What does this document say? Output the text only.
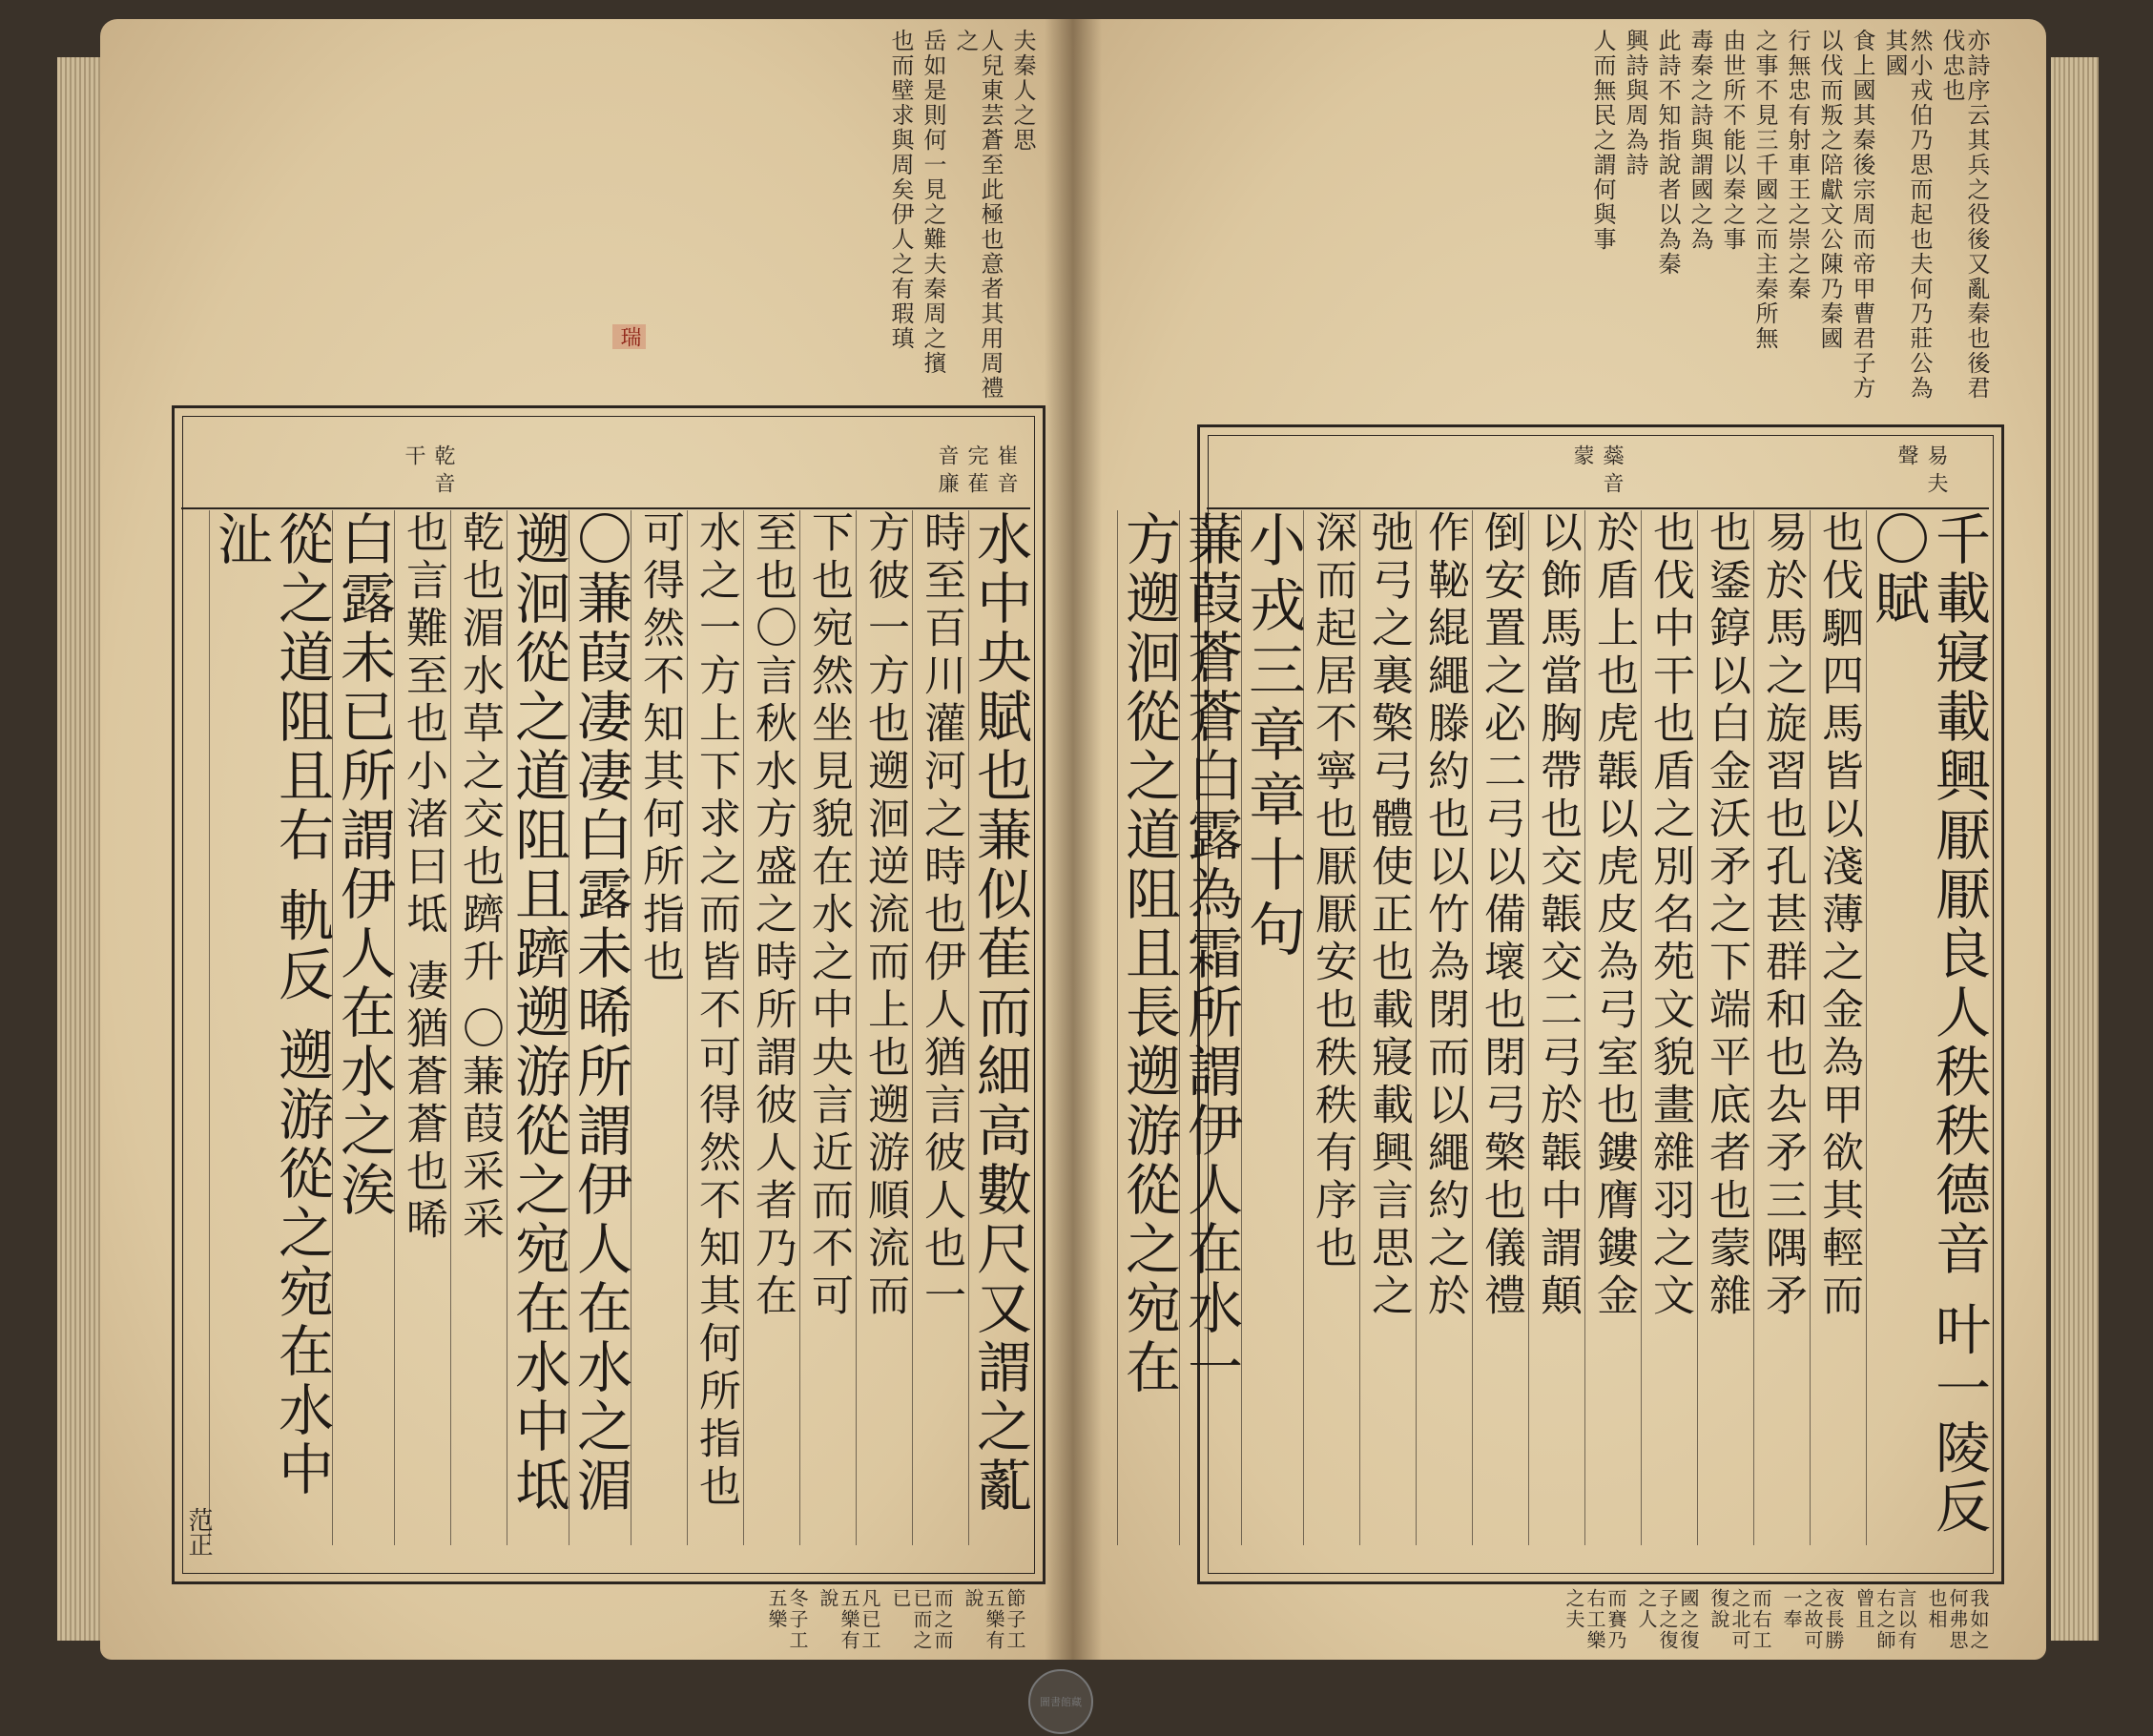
夫秦人之思
人兒東芸蒼至此極也意者其用周禮之
岳如是則何一見之難夫秦周之擯
也而壁求與周矣伊人之有瑕瑱
瑞
崔 音 完 萑 音 廉
乾 音 干
水中央賦也蒹似萑而細高數尺又謂之薍
時至百川灌河之時也伊人猶言彼人也一
方彼一方也遡洄逆流而上也遡游順流而
下也宛然坐見貌在水之中央言近而不可
至也〇言秋水方盛之時所謂彼人者乃在
水之一方上下求之而皆不可得然不知其何所指也
可得然不知其何所指也
〇蒹葭凄凄白露未晞所謂伊人在水之湄
遡洄從之道阻且躋遡游從之宛在水中坻
乾也湄水草之交也躋升 〇蒹葭采采
也言難至也小渚曰坻 凄猶蒼蒼也晞
白露未已所謂伊人在水之涘
從之道阻且右 軌反 遡游從之宛在水中沚
范正
節子工五樂有說
而之而已而之已
凡已工五樂有說
冬子工五樂
亦詩序云其兵之役後又亂秦也後君伐忠也
然小戎伯乃思而起也夫何乃莊公為其國
食上國其秦後宗周而帝甲曹君子方
以伐而叛之陪獻文公陳乃秦國
行無忠有射車王之崇之秦
之事不見三千國之而主秦所無
由世所不能以秦之事
毒秦之詩與謂國之為
此詩不知指說者以為秦
興詩與周為詩
人而無民之謂何與事
易 夫 聲
蘂 音 蒙
千載寢載興厭厭良人秩秩德音 叶一陵反〇賦
也伐駟四馬皆以淺薄之金為甲欲其輕而
易於馬之旋習也孔甚群和也厹矛三隅矛
也鋈錞以白金沃矛之下端平底者也蒙雜
也伐中干也盾之別名苑文貌畫雜羽之文
於盾上也虎韔以虎皮為弓室也鏤膺鏤金
以飾馬當胸帶也交韔交二弓於韔中謂顛
倒安置之必二弓以備壞也閉弓檠也儀禮
作䩛緄繩滕約也以竹為閉而以繩約之於
弛弓之裏檠弓體使正也載寢載興言思之
深而起居不寧也厭厭安也秩秩有序也
小戎三章章十句
蒹葭蒼蒼白露為霜所謂伊人在水一
方遡洄從之道阻且長遡游從之宛在
我如之何弗思也相
言以有右之師曾且
夜長勝之故可一奉
而右工之北可復說
國之復子之復之人
而賽乃右工樂之夫
圖書館藏
